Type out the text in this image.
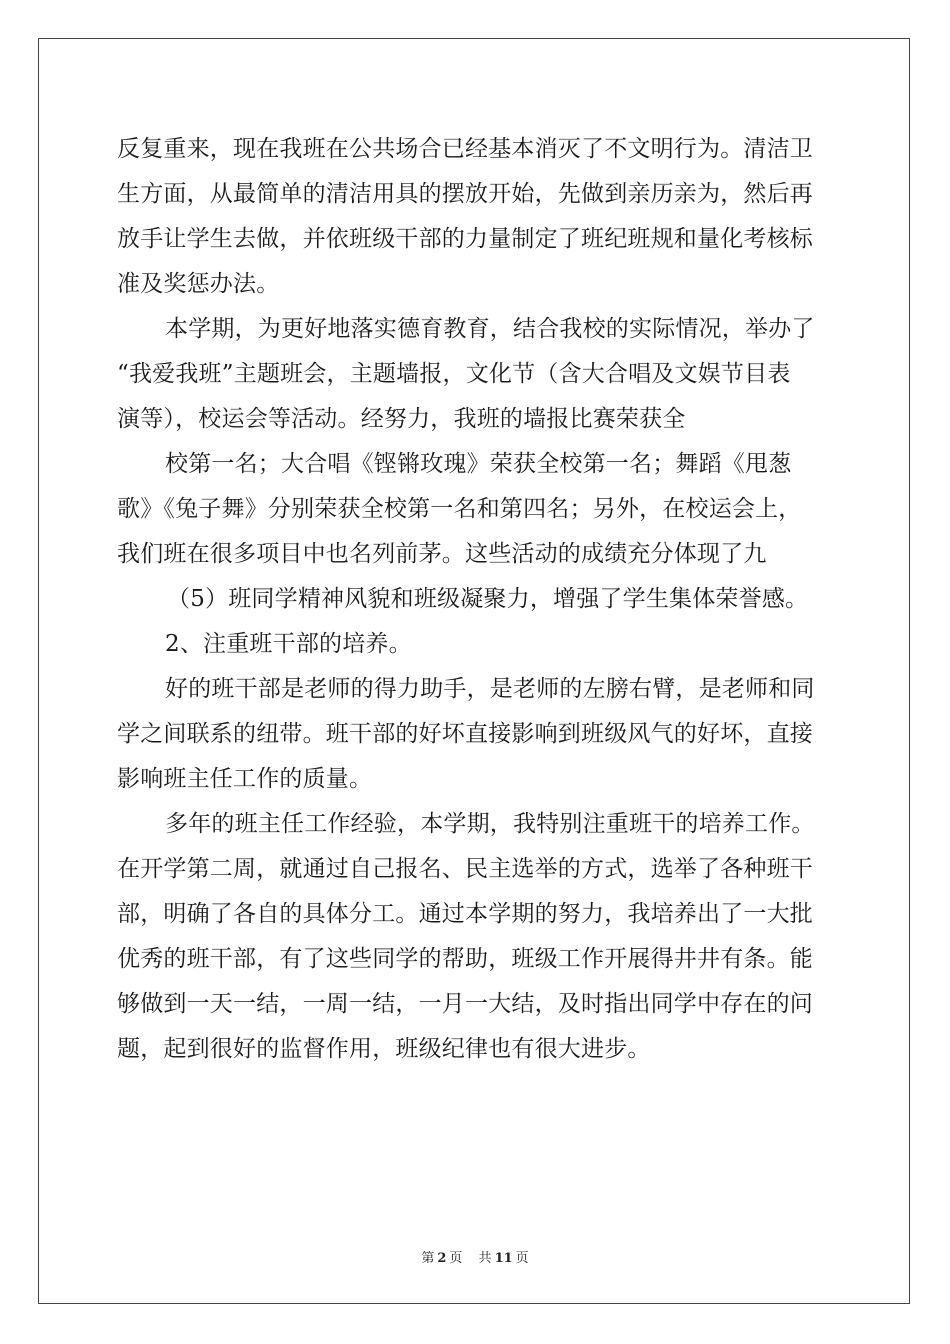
反复重来，现在我班在公共场合已经基本消灭了不文明行为。清洁卫
生方面，从最简单的清洁用具的摆放开始，先做到亲历亲为，然后再
放手让学生去做，并依班级干部的力量制定了班纪班规和量化考核标
准及奖惩办法。
本学期，为更好地落实德育教育，结合我校的实际情况，举办了
“我爱我班”主题班会，主题墙报，文化节（含大合唱及文娱节目表
演等），校运会等活动。经努力，我班的墙报比赛荣获全
校第一名；大合唱《铿锵玫瑰》荣获全校第一名；舞蹈《甩葱
歌》《兔子舞》分别荣获全校第一名和第四名；另外，在校运会上，
我们班在很多项目中也名列前茅。这些活动的成绩充分体现了九
（5）班同学精神风貌和班级凝聚力，增强了学生集体荣誉感。
2、注重班干部的培养。
好的班干部是老师的得力助手，是老师的左膀右臂，是老师和同
学之间联系的纽带。班干部的好坏直接影响到班级风气的好坏，直接
影响班主任工作的质量。
多年的班主任工作经验，本学期，我特别注重班干的培养工作。
在开学第二周，就通过自己报名、民主选举的方式，选举了各种班干
部，明确了各自的具体分工。通过本学期的努力，我培养出了一大批
优秀的班干部，有了这些同学的帮助，班级工作开展得井井有条。能
够做到一天一结，一周一结，一月一大结，及时指出同学中存在的问
题，起到很好的监督作用，班级纪律也有很大进步。
第 2 页 共 11 页
